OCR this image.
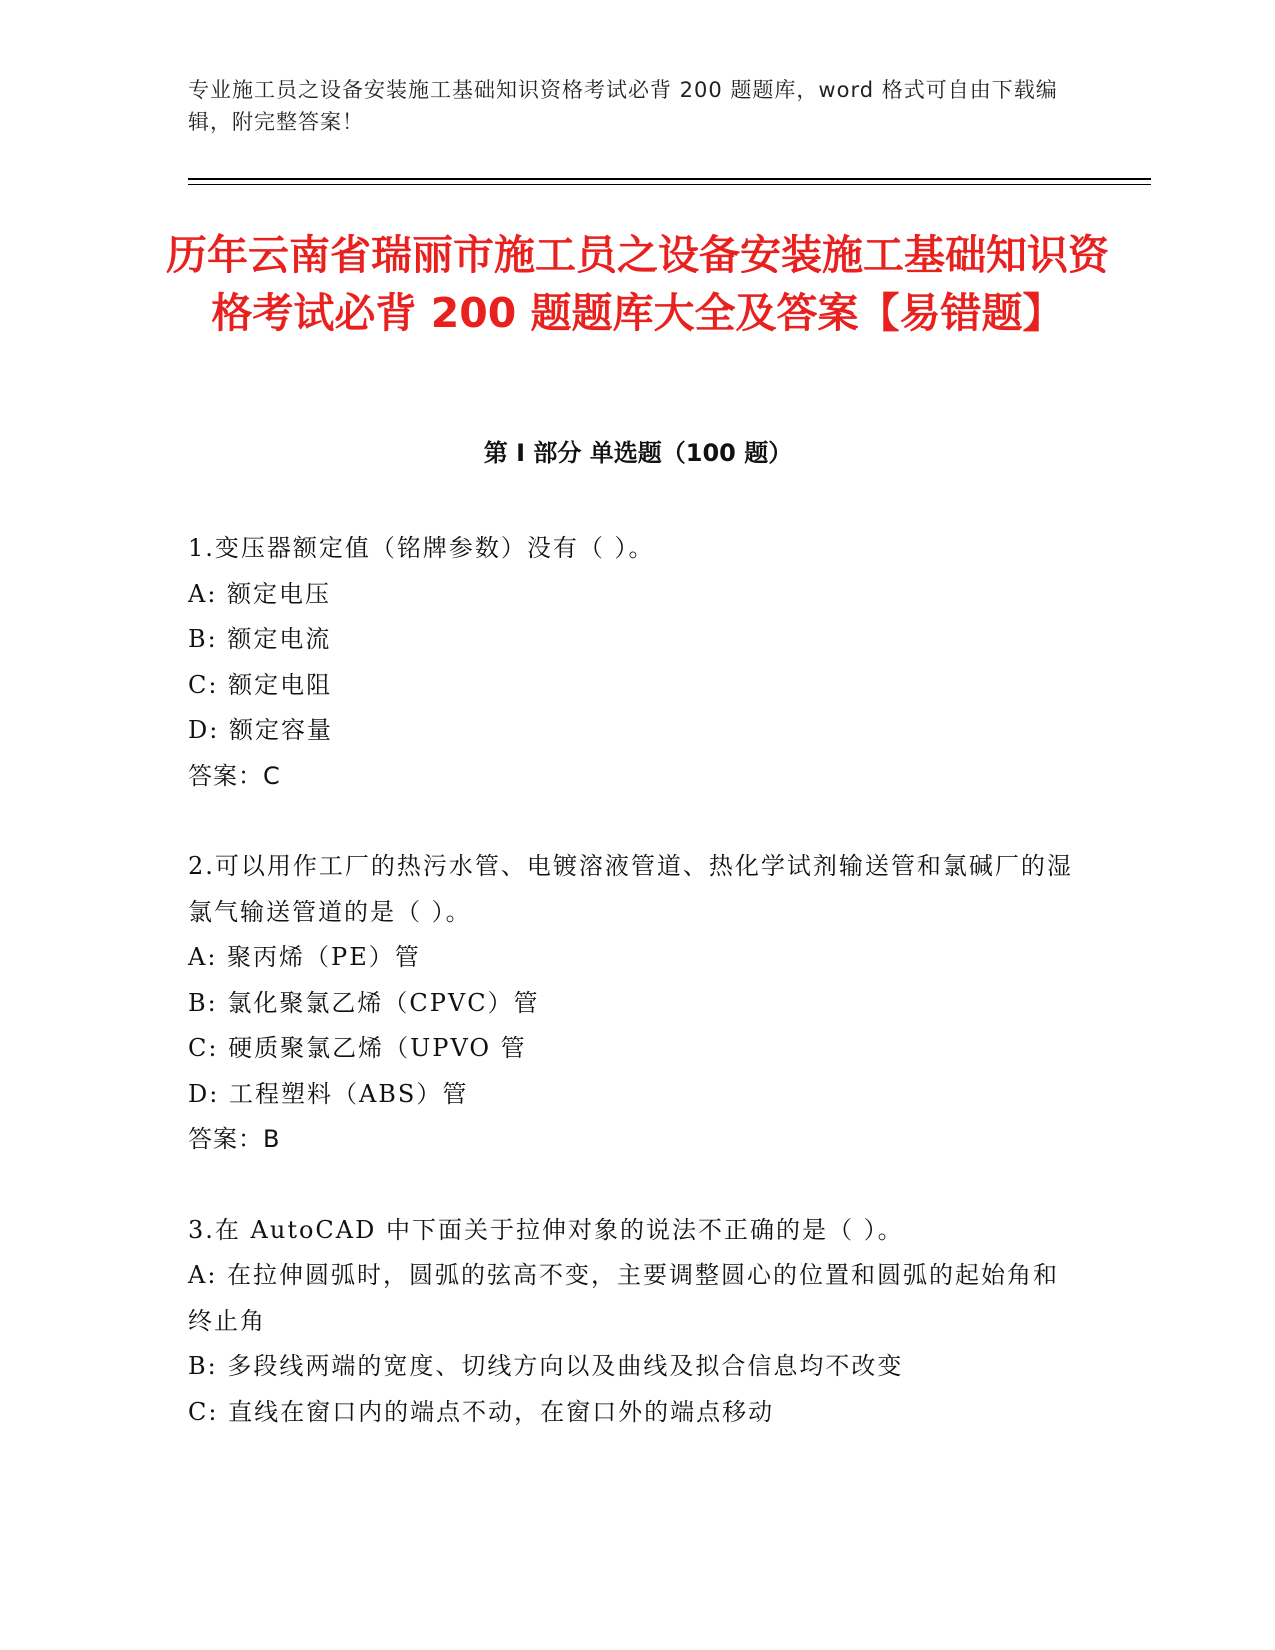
专业施工员之设备安装施工基础知识资格考试必背 200 题题库，word 格式可自由下载编辑，附完整答案！
历年云南省瑞丽市施工员之设备安装施工基础知识资格考试必背 200 题题库大全及答案【易错题】
第 I 部分 单选题（100 题）

1.变压器额定值（铭牌参数）没有（ ）。

A: 额定电压

B: 额定电流

C: 额定电阻

D: 额定容量

答案：C

2.可以用作工厂的热污水管、电镀溶液管道、热化学试剂输送管和氯碱厂的湿氯气输送管道的是（ ）。

A: 聚丙烯（PE）管

B: 氯化聚氯乙烯（CPVC）管

C: 硬质聚氯乙烯（UPVO 管

D: 工程塑料（ABS）管

答案：B

3.在 AutoCAD 中下面关于拉伸对象的说法不正确的是（ ）。

A: 在拉伸圆弧时，圆弧的弦高不变，主要调整圆心的位置和圆弧的起始角和终止角

B: 多段线两端的宽度、切线方向以及曲线及拟合信息均不改变

C: 直线在窗口内的端点不动，在窗口外的端点移动
